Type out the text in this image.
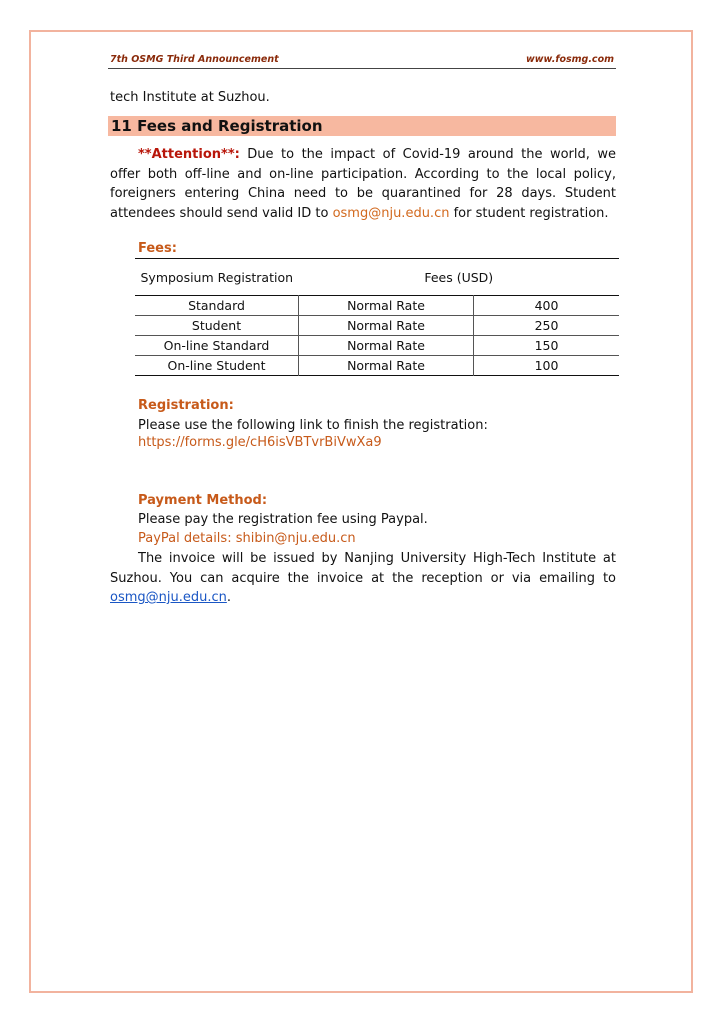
7th OSMG Third Announcement	www.fosmg.com
tech Institute at Suzhou.
11 Fees and Registration
**Attention**: Due to the impact of Covid-19 around the world, we offer both off-line and on-line participation. According to the local policy, foreigners entering China need to be quarantined for 28 days. Student attendees should send valid ID to osmg@nju.edu.cn for student registration.
Fees:
Symposium Registration	Fees (USD)	
Standard	Normal Rate	400
Student	Normal Rate	250
On-line Standard	Normal Rate	150
On-line Student	Normal Rate	100
Registration:
Please use the following link to finish the registration:
https://forms.gle/cH6isVBTvrBiVwXa9
Payment Method:
Please pay the registration fee using Paypal.
PayPal details: shibin@nju.edu.cn
The invoice will be issued by Nanjing University High-Tech Institute at Suzhou. You can acquire the invoice at the reception or via emailing to osmg@nju.edu.cn.
